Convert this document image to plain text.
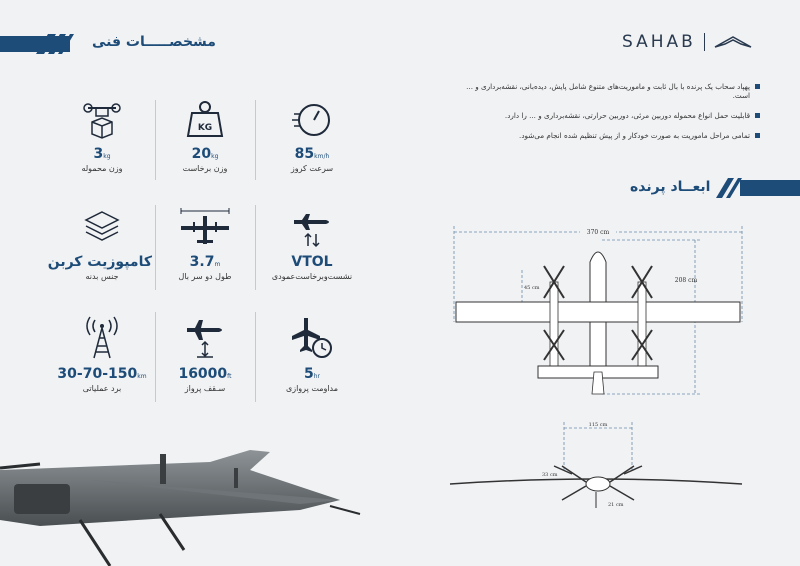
مشخصـــــات فنی	SAHAB
پهپاد سحاب یک پرنده با بال ثابت و ماموریت‌های متنوع شامل پایش، دیده‌بانی، نقشه‌برداری و ... است.
قابلیت حمل انواع محموله دوربین مرئی، دوربین حرارتی، نقشه‌برداری و ... را دارد.
تمامی مراحل ماموریت به صورت خودکار و از پیش تنظیم شده انجام می‌شود.
ابعــاد پرنده
85km/h
سرعت کروز
KG
20kg
وزن برخاست
3kg
وزن محموله
VTOL
نشست‌وبرخاست‌عمودی
3.7m
طول دو سر بال
کامپوزیت کربن
جنس بدنه
5hr
مداومت پروازی
16000ft
سـقف پرواز
30-70-150km
برد عملیاتی
370 cm
208 cm
45 cm
115 cm
33 cm
21 cm
